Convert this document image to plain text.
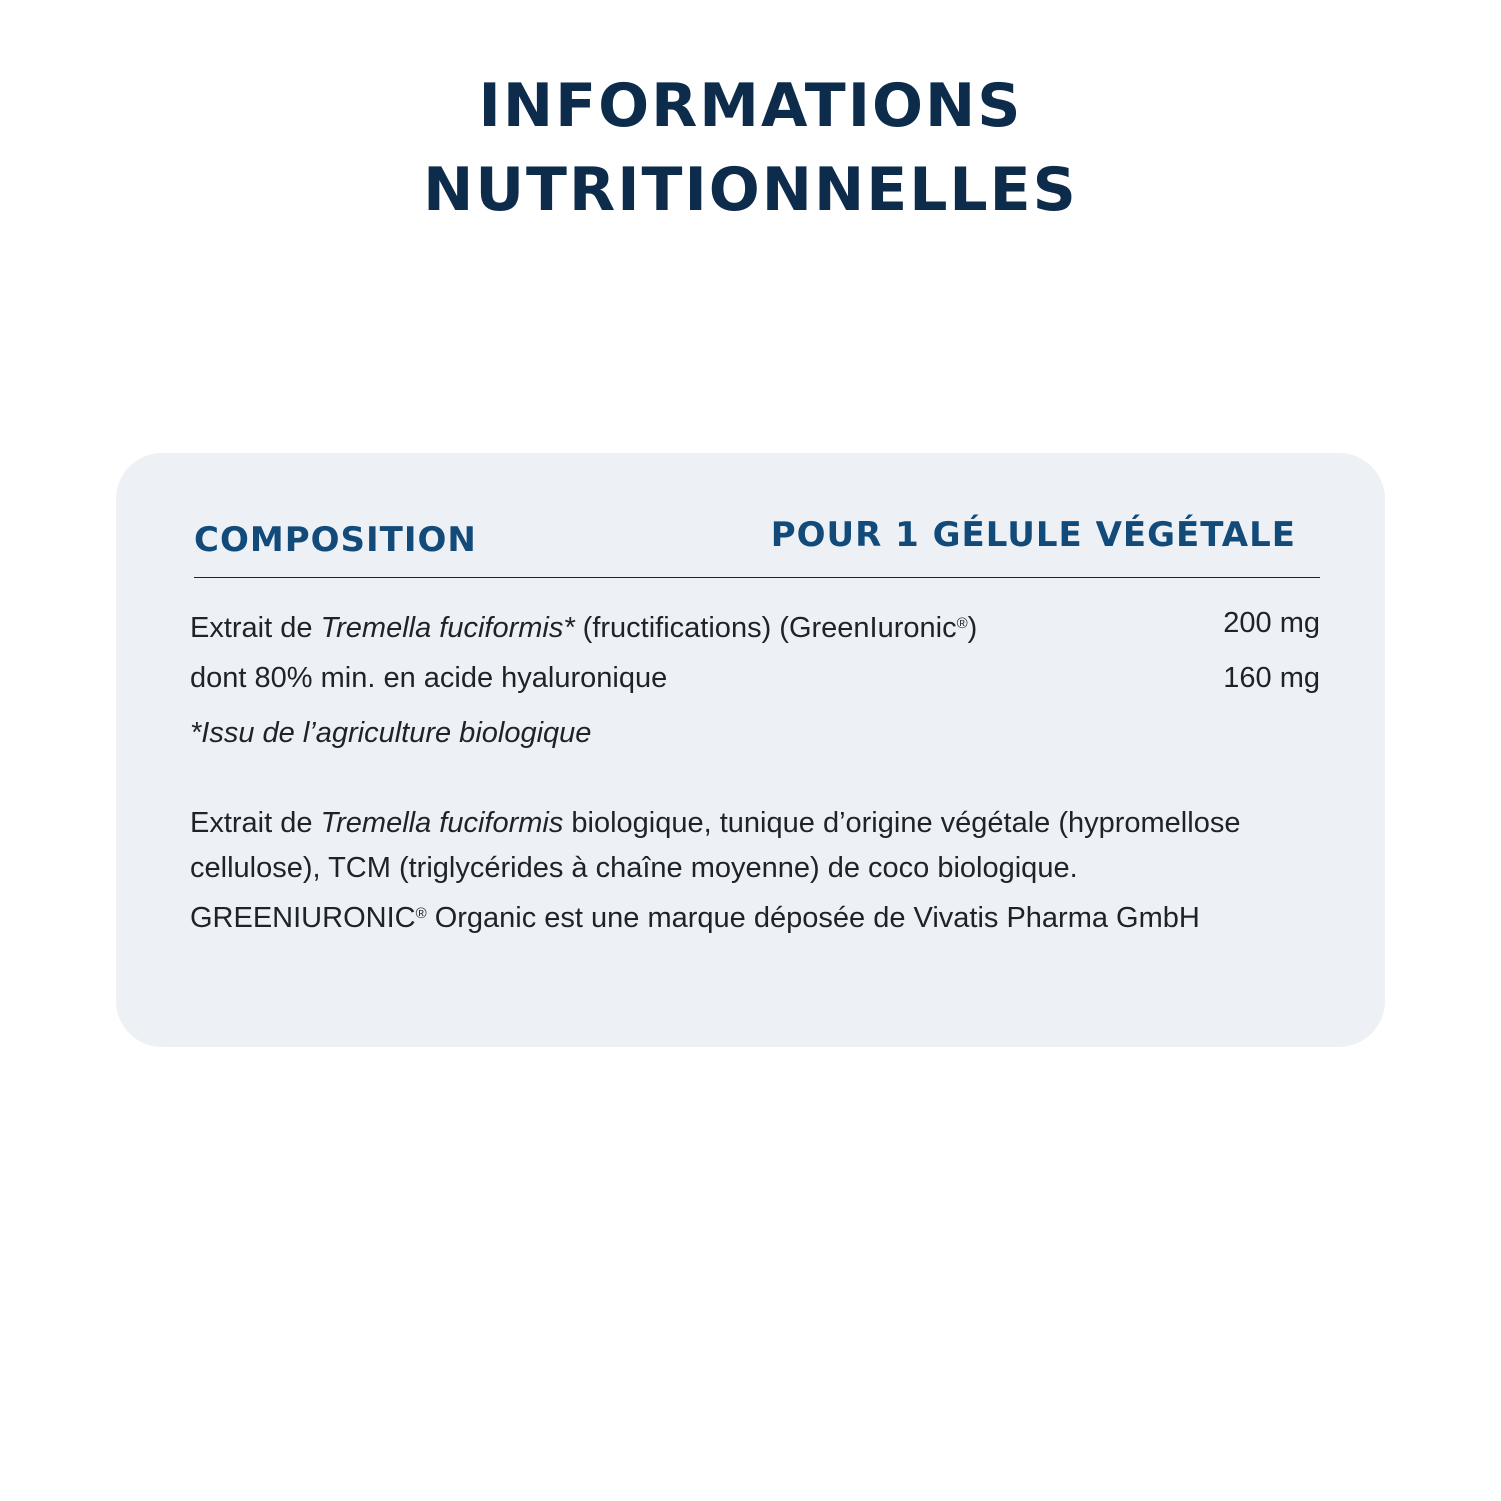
INFORMATIONS
NUTRITIONNELLES
COMPOSITION	POUR 1 GÉLULE VÉGÉTALE
Extrait de Tremella fuciformis* (fructifications) (GreenIuronic®)	200 mg
dont 80% min. en acide hyaluronique	160 mg
*Issu de l’agriculture biologique

Extrait de Tremella fuciformis biologique, tunique d’origine végétale (hypromellose cellulose), TCM (triglycérides à chaîne moyenne) de coco biologique.

GREENIURONIC® Organic est une marque déposée de Vivatis Pharma GmbH
